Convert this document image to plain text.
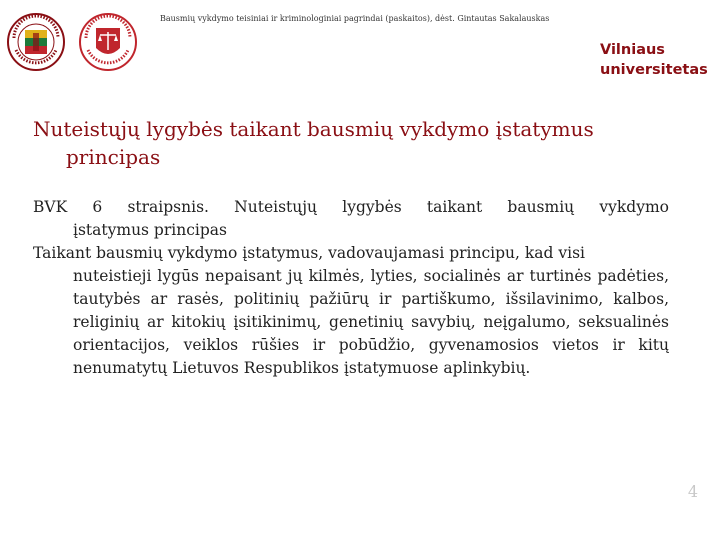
Bausmių vykdymo teisiniai ir kriminologiniai pagrindai (paskaitos), dėst. Gintautas Sakalauskas
Vilniaus
universitetas
Nuteistųjų lygybės taikant bausmių vykdymo įstatymus
principas
BVK 6 straipsnis. Nuteistųjų lygybės taikant bausmių vykdymo
įstatymus principas
Taikant bausmių vykdymo įstatymus, vadovaujamasi principu, kad visi
nuteistieji lygūs nepaisant jų kilmės, lyties, socialinės ar turtinės padėties, tautybės ar rasės, politinių pažiūrų ir partiškumo, išsilavinimo, kalbos, religinių ar kitokių įsitikinimų, genetinių savybių, neįgalumo, seksualinės orientacijos, veiklos rūšies ir pobūdžio, gyvenamosios vietos ir kitų nenumatytų Lietuvos Respublikos įstatymuose aplinkybių.
4
